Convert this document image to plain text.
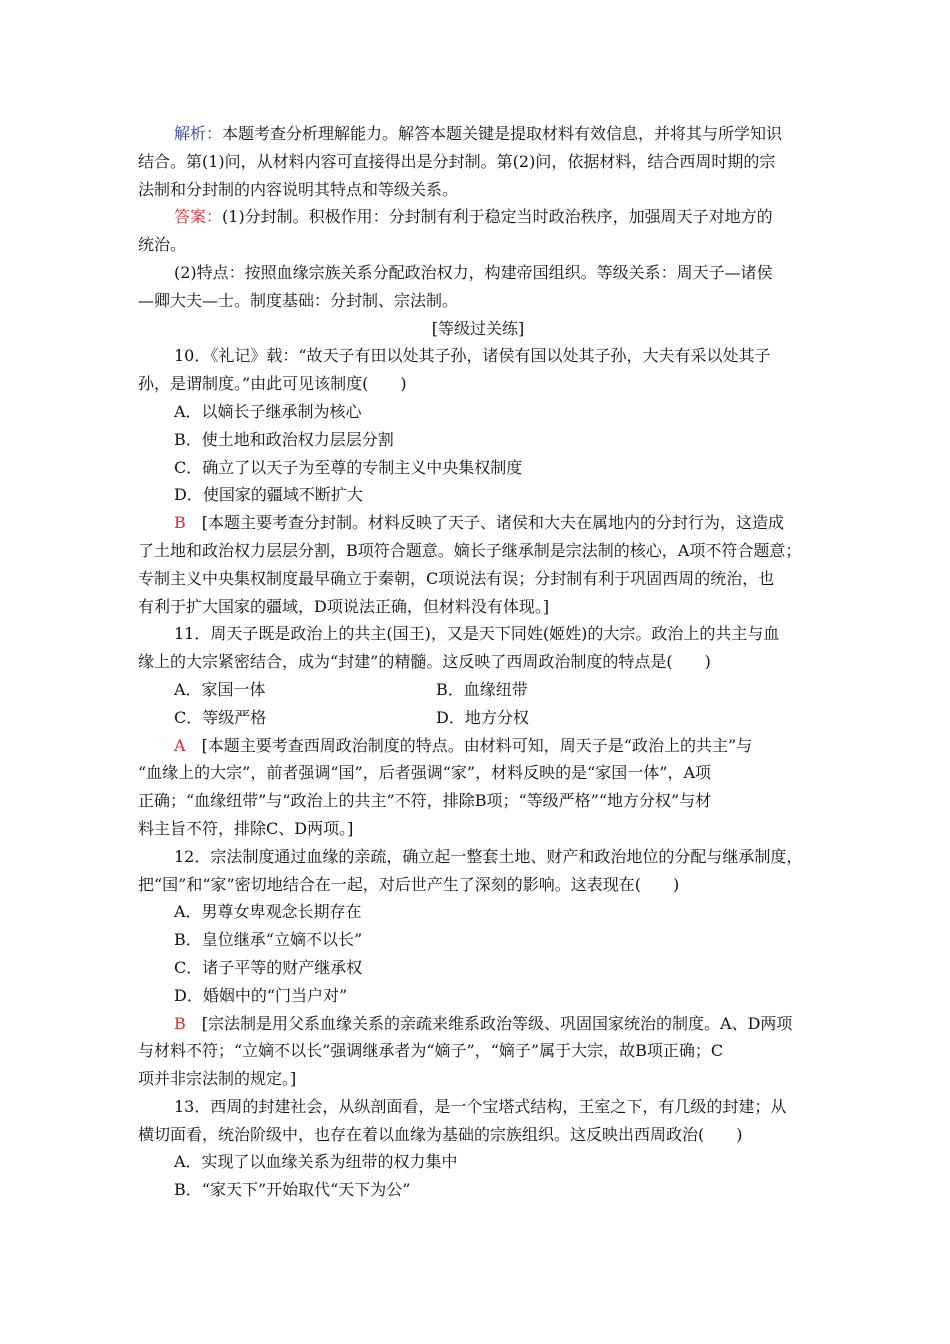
解析：本题考查分析理解能力。解答本题关键是提取材料有效信息，并将其与所学知识

结合。第(1)问，从材料内容可直接得出是分封制。第(2)问，依据材料，结合西周时期的宗

法制和分封制的内容说明其特点和等级关系。

答案：(1)分封制。积极作用：分封制有利于稳定当时政治秩序，加强周天子对地方的

统治。

(2)特点：按照血缘宗族关系分配政治权力，构建帝国组织。等级关系：周天子—诸侯

—卿大夫—士。制度基础：分封制、宗法制。

[等级过关练]

10．《礼记》载：“故天子有田以处其子孙，诸侯有国以处其子孙，大夫有采以处其子

孙，是谓制度。”由此可见该制度(　　)

A．以嫡长子继承制为核心

B．使土地和政治权力层层分割

C．确立了以天子为至尊的专制主义中央集权制度

D．使国家的疆域不断扩大

B　[本题主要考查分封制。材料反映了天子、诸侯和大夫在属地内的分封行为，这造成

了土地和政治权力层层分割，B项符合题意。嫡长子继承制是宗法制的核心，A项不符合题意；

专制主义中央集权制度最早确立于秦朝，C项说法有误；分封制有利于巩固西周的统治，也

有利于扩大国家的疆域，D项说法正确，但材料没有体现。]

11．周天子既是政治上的共主(国王)，又是天下同姓(姬姓)的大宗。政治上的共主与血

缘上的大宗紧密结合，成为“封建”的精髓。这反映了西周政治制度的特点是(　　)

A．家国一体	B．血缘纽带

C．等级严格	D．地方分权

A　[本题主要考查西周政治制度的特点。由材料可知，周天子是“政治上的共主”与

“血缘上的大宗”，前者强调“国”，后者强调“家”，材料反映的是“家国一体”，A项

正确；“血缘纽带”与“政治上的共主”不符，排除B项；“等级严格”“地方分权”与材

料主旨不符，排除C、D两项。]

12．宗法制度通过血缘的亲疏，确立起一整套土地、财产和政治地位的分配与继承制度，

把“国”和“家”密切地结合在一起，对后世产生了深刻的影响。这表现在(　　)

A．男尊女卑观念长期存在

B．皇位继承“立嫡不以长”

C．诸子平等的财产继承权

D．婚姻中的“门当户对”

B　[宗法制是用父系血缘关系的亲疏来维系政治等级、巩固国家统治的制度。A、D两项

与材料不符；“立嫡不以长”强调继承者为“嫡子”，“嫡子”属于大宗，故B项正确；C

项并非宗法制的规定。]

13．西周的封建社会，从纵剖面看，是一个宝塔式结构，王室之下，有几级的封建；从

横切面看，统治阶级中，也存在着以血缘为基础的宗族组织。这反映出西周政治(　　)

A．实现了以血缘关系为纽带的权力集中

B．“家天下”开始取代“天下为公”
